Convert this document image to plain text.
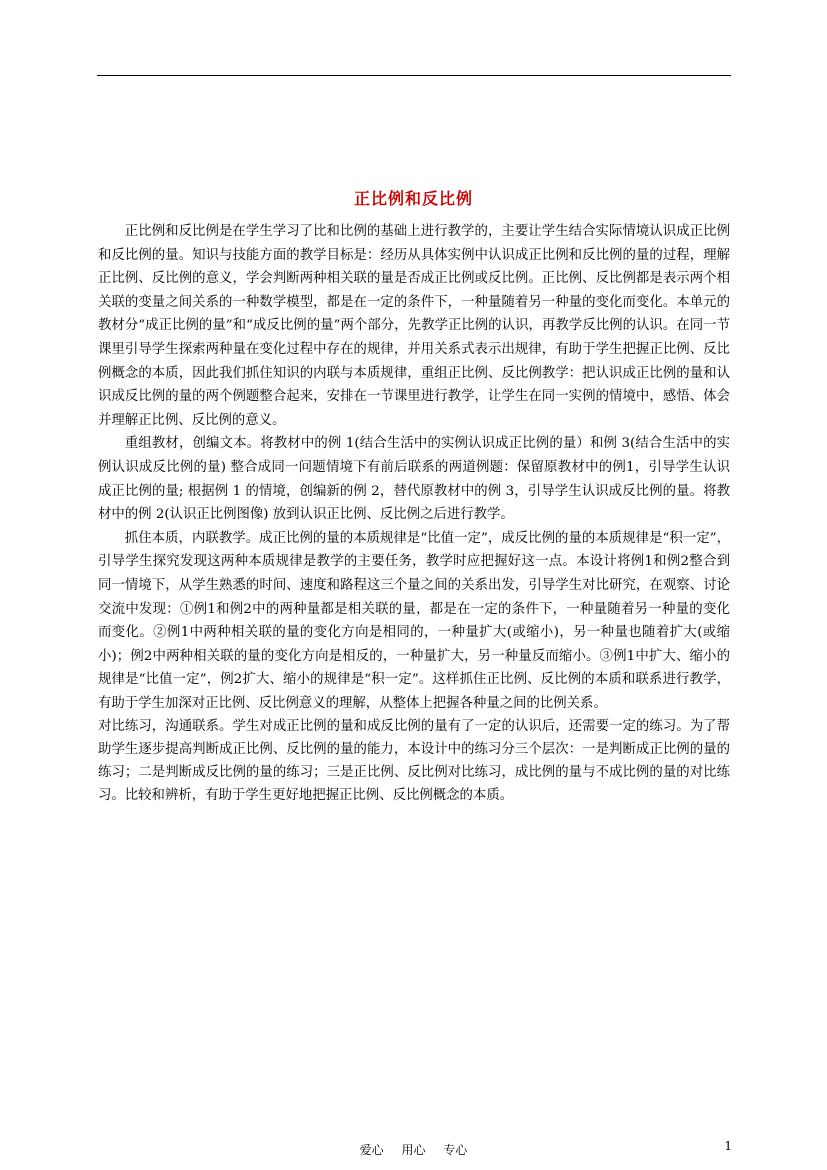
正比例和反比例

正比例和反比例是在学生学习了比和比例的基础上进行教学的，主要让学生结合实际情境认识成正比例和反比例的量。知识与技能方面的教学目标是：经历从具体实例中认识成正比例和反比例的量的过程，理解正比例、反比例的意义，学会判断两种相关联的量是否成正比例或反比例。正比例、反比例都是表示两个相关联的变量之间关系的一种数学模型，都是在一定的条件下，一种量随着另一种量的变化而变化。本单元的教材分“成正比例的量”和“成反比例的量”两个部分，先教学正比例的认识，再教学反比例的认识。在同一节课里引导学生探索两种量在变化过程中存在的规律，并用关系式表示出规律，有助于学生把握正比例、反比例概念的本质，因此我们抓住知识的内联与本质规律，重组正比例、反比例教学：把认识成正比例的量和认识成反比例的量的两个例题整合起来，安排在一节课里进行教学，让学生在同一实例的情境中，感悟、体会并理解正比例、反比例的意义。

重组教材，创编文本。将教材中的例 1(结合生活中的实例认识成正比例的量）和例 3(结合生活中的实例认识成反比例的量) 整合成同一问题情境下有前后联系的两道例题：保留原教材中的例1，引导学生认识成正比例的量; 根据例 1 的情境，创编新的例 2，替代原教材中的例 3，引导学生认识成反比例的量。将教材中的例 2(认识正比例图像) 放到认识正比例、反比例之后进行教学。

抓住本质，内联教学。成正比例的量的本质规律是“比值一定”，成反比例的量的本质规律是“积一定”，引导学生探究发现这两种本质规律是教学的主要任务，教学时应把握好这一点。本设计将例1和例2整合到同一情境下，从学生熟悉的时间、速度和路程这三个量之间的关系出发，引导学生对比研究，在观察、讨论交流中发现：①例1和例2中的两种量都是相关联的量，都是在一定的条件下，一种量随着另一种量的变化而变化。②例1中两种相关联的量的变化方向是相同的，一种量扩大(或缩小)，另一种量也随着扩大(或缩小)；例2中两种相关联的量的变化方向是相反的，一种量扩大，另一种量反而缩小。③例1中扩大、缩小的规律是“比值一定”，例2扩大、缩小的规律是“积一定”。这样抓住正比例、反比例的本质和联系进行教学，有助于学生加深对正比例、反比例意义的理解，从整体上把握各种量之间的比例关系。

对比练习，沟通联系。学生对成正比例的量和成反比例的量有了一定的认识后，还需要一定的练习。为了帮助学生逐步提高判断成正比例、反比例的量的能力，本设计中的练习分三个层次：一是判断成正比例的量的练习；二是判断成反比例的量的练习；三是正比例、反比例对比练习，成比例的量与不成比例的量的对比练习。比较和辨析，有助于学生更好地把握正比例、反比例概念的本质。

爱心 用心 专心	1
